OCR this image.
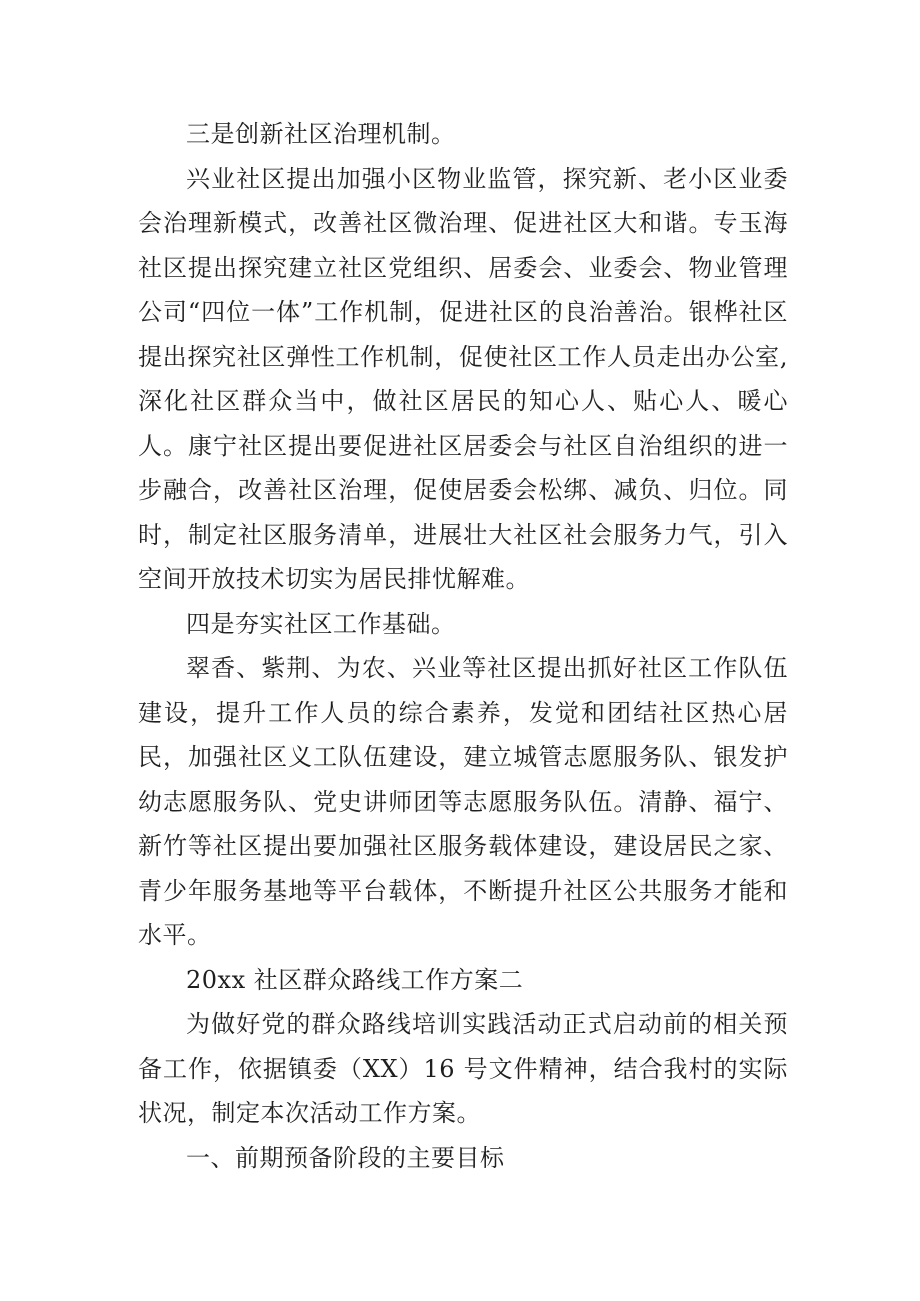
三是创新社区治理机制。

兴业社区提出加强小区物业监管，探究新、老小区业委会治理新模式，改善社区微治理、促进社区大和谐。专玉海社区提出探究建立社区党组织、居委会、业委会、物业管理公司“四位一体”工作机制，促进社区的良治善治。银桦社区提出探究社区弹性工作机制，促使社区工作人员走出办公室,深化社区群众当中，做社区居民的知心人、贴心人、暖心人。康宁社区提出要促进社区居委会与社区自治组织的进一步融合，改善社区治理，促使居委会松绑、减负、归位。同时，制定社区服务清单，进展壮大社区社会服务力气，引入空间开放技术切实为居民排忧解难。

四是夯实社区工作基础。

翠香、紫荆、为农、兴业等社区提出抓好社区工作队伍建设，提升工作人员的综合素养，发觉和团结社区热心居民，加强社区义工队伍建设，建立城管志愿服务队、银发护幼志愿服务队、党史讲师团等志愿服务队伍。清静、福宁、新竹等社区提出要加强社区服务载体建设，建设居民之家、青少年服务基地等平台载体，不断提升社区公共服务才能和水平。

20xx 社区群众路线工作方案二

为做好党的群众路线培训实践活动正式启动前的相关预备工作，依据镇委（XX）16 号文件精神，结合我村的实际状况，制定本次活动工作方案。

一、前期预备阶段的主要目标
